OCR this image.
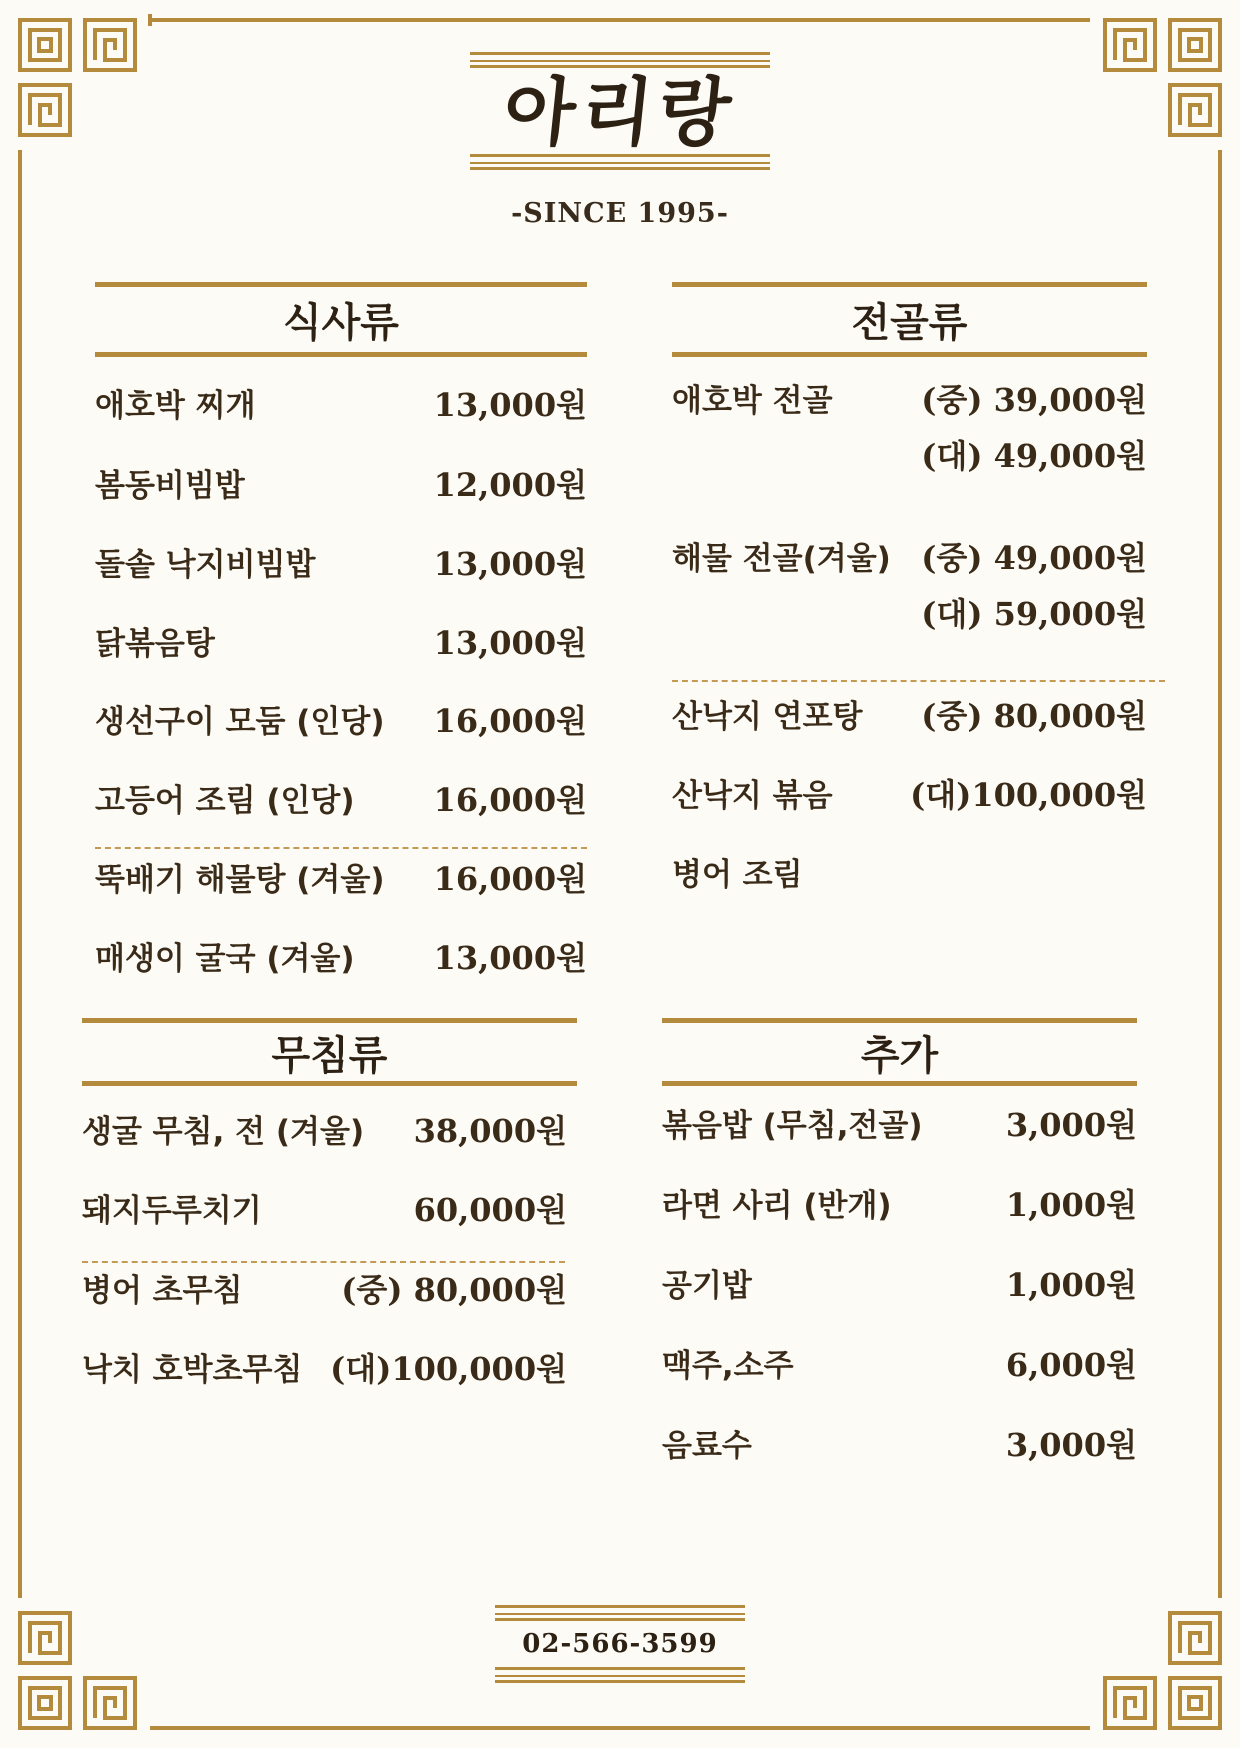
아리랑
-SINCE 1995-
식사류
애호박 찌개	13,000원
봄동비빔밥	12,000원
돌솥 낙지비빔밥	13,000원
닭볶음탕	13,000원
생선구이 모둠 (인당) 16,000원
고등어 조림 (인당) 16,000원
뚝배기 해물탕 (겨울) 16,000원
매생이 굴국 (겨울) 13,000원
전골류
애호박 전골	(중) 39,000원
(대) 49,000원
해물 전골(겨울) (중) 49,000원
(대) 59,000원
산낙지 연포탕 (중) 80,000원
산낙지 볶음 (대)100,000원
병어 조림
무침류
생굴 무침, 전 (겨울) 38,000원
돼지두루치기	60,000원
병어 초무침	(중) 80,000원
낙치 호박초무침 (대)100,000원
추가
볶음밥 (무침,전골)	3,000원
라면 사리 (반개)	1,000원
공기밥	1,000원
맥주,소주	6,000원
음료수	3,000원
02-566-3599
